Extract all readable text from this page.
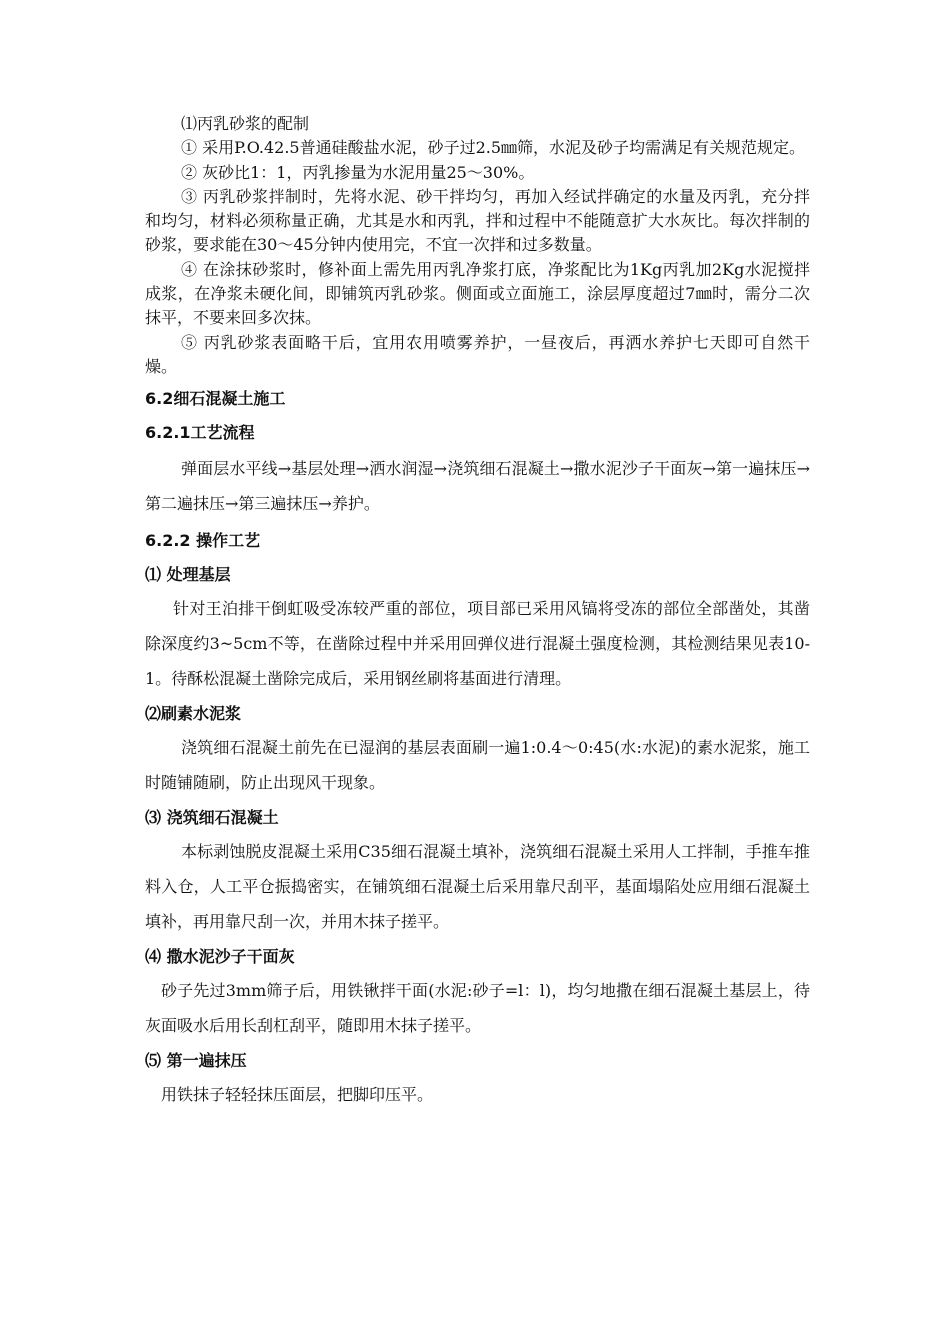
⑴丙乳砂浆的配制

① 采用P.O.42.5普通硅酸盐水泥，砂子过2.5㎜筛，水泥及砂子均需满足有关规范规定。

② 灰砂比1：1，丙乳掺量为水泥用量25～30%。

③ 丙乳砂浆拌制时，先将水泥、砂干拌均匀，再加入经试拌确定的水量及丙乳，充分拌和均匀，材料必须称量正确，尤其是水和丙乳，拌和过程中不能随意扩大水灰比。每次拌制的砂浆，要求能在30～45分钟内使用完，不宜一次拌和过多数量。

④ 在涂抹砂浆时，修补面上需先用丙乳净浆打底，净浆配比为1Kg丙乳加2Kg水泥搅拌成浆，在净浆未硬化间，即铺筑丙乳砂浆。侧面或立面施工，涂层厚度超过7㎜时，需分二次抹平，不要来回多次抹。

⑤ 丙乳砂浆表面略干后，宜用农用喷雾养护，一昼夜后，再洒水养护七天即可自然干燥。

6.2细石混凝土施工
6.2.1工艺流程

弹面层水平线→基层处理→洒水润湿→浇筑细石混凝土→撒水泥沙子干面灰→第一遍抹压→第二遍抹压→第三遍抹压→养护。

6.2.2 操作工艺
⑴ 处理基层

针对王泊排干倒虹吸受冻较严重的部位，项目部已采用风镐将受冻的部位全部凿处，其凿除深度约3~5cm不等，在凿除过程中并采用回弹仪进行混凝土强度检测，其检测结果见表10-1。待酥松混凝土凿除完成后，采用钢丝刷将基面进行清理。

⑵刷素水泥浆

浇筑细石混凝土前先在已湿润的基层表面刷一遍1:0.4～0:45(水:水泥)的素水泥浆，施工时随铺随刷，防止出现风干现象。

⑶ 浇筑细石混凝土

本标剥蚀脱皮混凝土采用C35细石混凝土填补，浇筑细石混凝土采用人工拌制，手推车推料入仓，人工平仓振捣密实，在铺筑细石混凝土后采用靠尺刮平，基面塌陷处应用细石混凝土填补，再用靠尺刮一次，并用木抹子搓平。

⑷ 撒水泥沙子干面灰

砂子先过3mm筛子后，用铁锹拌干面(水泥:砂子=l：l)，均匀地撒在细石混凝土基层上，待灰面吸水后用长刮杠刮平，随即用木抹子搓平。

⑸ 第一遍抹压

用铁抹子轻轻抹压面层，把脚印压平。
